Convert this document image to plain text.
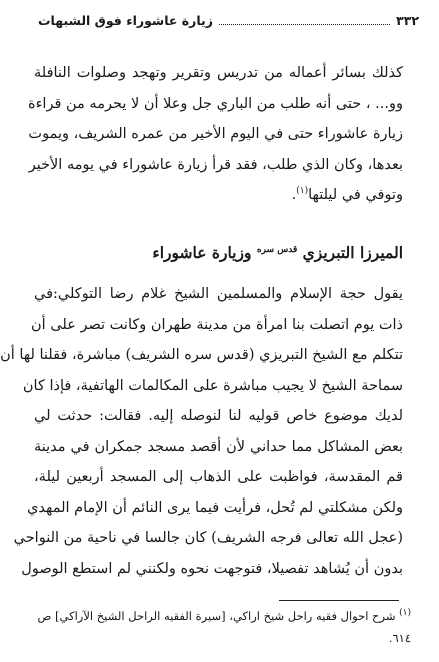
٣٣٢
زيارة عاشوراء فوق الشبهات
كذلك بسائر أعماله من تدريس وتقرير وتهجد وصلوات النافلة
وو... ، حتى أنه طلب من الباري جل وعلا أن لا يحرمه من قراءة
زيارة عاشوراء حتى في اليوم الأخير من عمره الشريف، ويموت
بعدها، وكان الذي طلب، فقد قرأ زيارة عاشوراء في يومه الأخير
وتوفي في ليلتها$^{(١)}$.
الميرزا التبريزي $^{قدس سره}$ وزيارة عاشوراء
يقول حجة الإسلام والمسلمين الشيخ غلام رضا التوكلي:في
ذات يوم اتصلت بنا امرأة من مدينة طهران وكانت تصر على أن
تتكلم مع الشيخ التبريزي (قدس سره الشريف) مباشرة، فقلنا لها أن
سماحة الشيخ لا يجيب مباشرة على المكالمات الهاتفية، فإذا كان
لديك موضوع خاص قوليه لنا لنوصله إليه. فقالت: حدثت لي
بعض المشاكل مما حداني لأن أقصد مسجد جمكران في مدينة
قم المقدسة، فواظبت على الذهاب إلى المسجد أربعين ليلة،
ولكن مشكلتي لم تُحل، فرأيت فيما يرى النائم أن الإمام المهدي
(عجل الله تعالى فرجه الشريف) كان جالسا في ناحية من النواحي
بدون أن يُشاهد تفصيلا، فتوجهت نحوه ولكنني لم استطع الوصول
$^{(١)}$ شرح احوال فقيه راحل شيخ اراكي، [سيرة الفقيه الراحل الشيخ الآراكي] ص
٦١٤.
